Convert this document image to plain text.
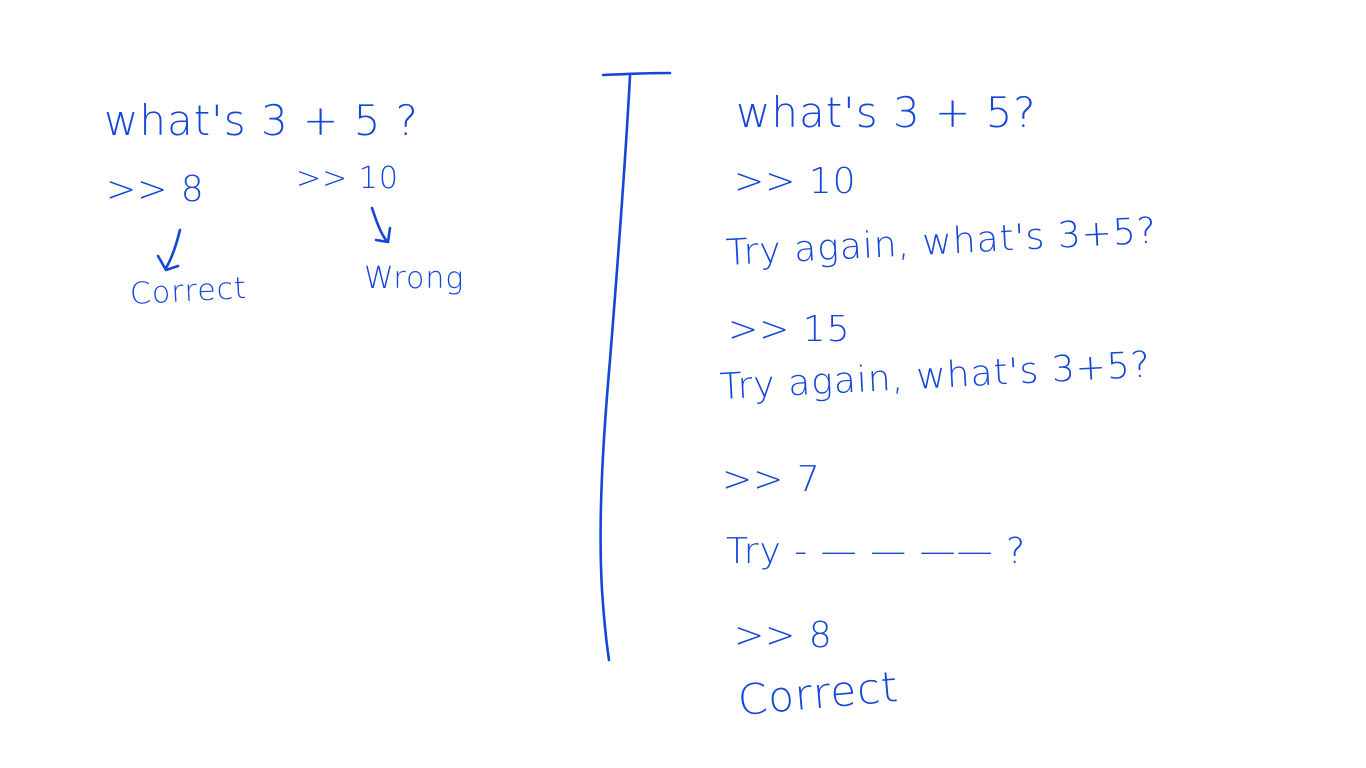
what's 3 + 5 ?
>> 8	>> 10
Correct	Wrong
what's 3 + 5?
>> 10
Try again, what's 3+5?
>> 15
Try again, what's 3+5?
>> 7
Try - — — —— ?
>> 8
Correct
